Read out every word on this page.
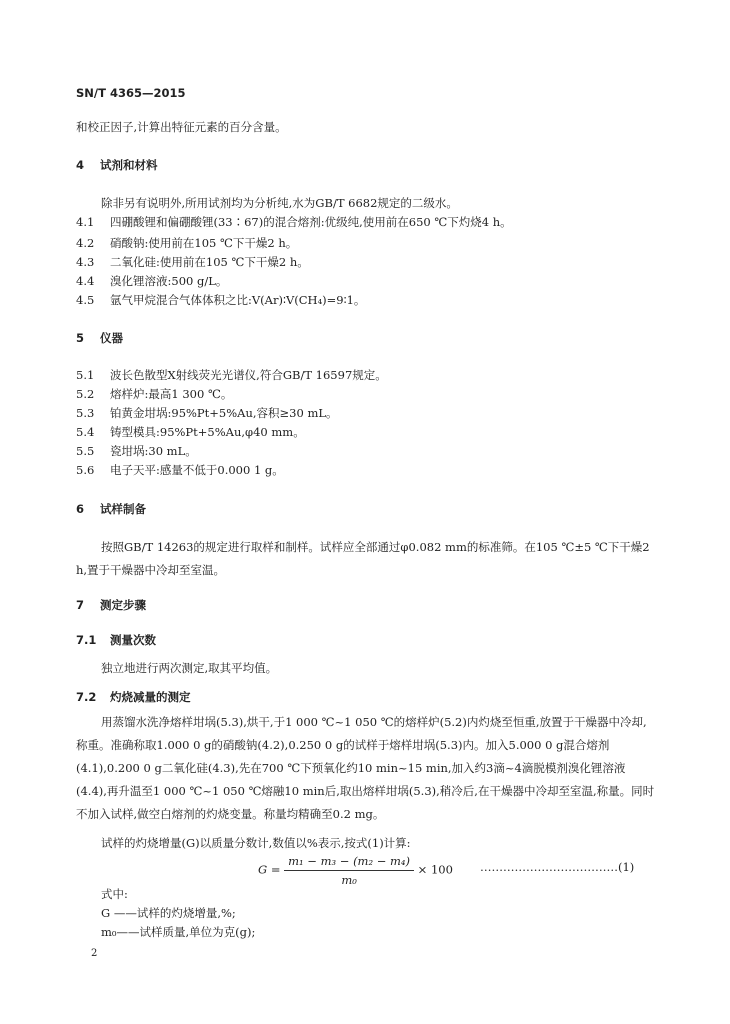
SN/T 4365—2015
和校正因子,计算出特征元素的百分含量。
4 试剂和材料
除非另有说明外,所用试剂均为分析纯,水为GB/T 6682规定的二级水。
4.1 四硼酸锂和偏硼酸锂(33∶67)的混合熔剂:优级纯,使用前在650 ℃下灼烧4 h。
4.2 硝酸钠:使用前在105 ℃下干燥2 h。
4.3 二氧化硅:使用前在105 ℃下干燥2 h。
4.4 溴化锂溶液:500 g/L。
4.5 氩气甲烷混合气体体积之比:V(Ar)∶V(CH₄)=9∶1。
5 仪器
5.1 波长色散型X射线荧光光谱仪,符合GB/T 16597规定。
5.2 熔样炉:最高1 300 ℃。
5.3 铂黄金坩埚:95%Pt+5%Au,容积≥30 mL。
5.4 铸型模具:95%Pt+5%Au,φ40 mm。
5.5 瓷坩埚:30 mL。
5.6 电子天平:感量不低于0.000 1 g。
6 试样制备
按照GB/T 14263的规定进行取样和制样。试样应全部通过φ0.082 mm的标准筛。在105 ℃±5 ℃下干燥2 h,置于干燥器中冷却至室温。
7 测定步骤
7.1 测量次数
独立地进行两次测定,取其平均值。
7.2 灼烧减量的测定
用蒸馏水洗净熔样坩埚(5.3),烘干,于1 000 ℃~1 050 ℃的熔样炉(5.2)内灼烧至恒重,放置于干燥器中冷却,称重。准确称取1.000 0 g的硝酸钠(4.2),0.250 0 g的试样于熔样坩埚(5.3)内。加入5.000 0 g混合熔剂(4.1),0.200 0 g二氧化硅(4.3),先在700 ℃下预氧化约10 min~15 min,加入约3滴~4滴脱模剂溴化锂溶液(4.4),再升温至1 000 ℃~1 050 ℃熔融10 min后,取出熔样坩埚(5.3),稍冷后,在干燥器中冷却至室温,称量。同时不加入试样,做空白熔剂的灼烧变量。称量均精确至0.2 mg。
试样的灼烧增量(G)以质量分数计,数值以%表示,按式(1)计算:
$G = \frac{\text{m₁ − m₃ − (m₂ − m₄)}}{\text{m₀}} \times 100$ ………………………………(1)
式中:
G ——试样的灼烧增量,%;
m₀——试样质量,单位为克(g);
2
